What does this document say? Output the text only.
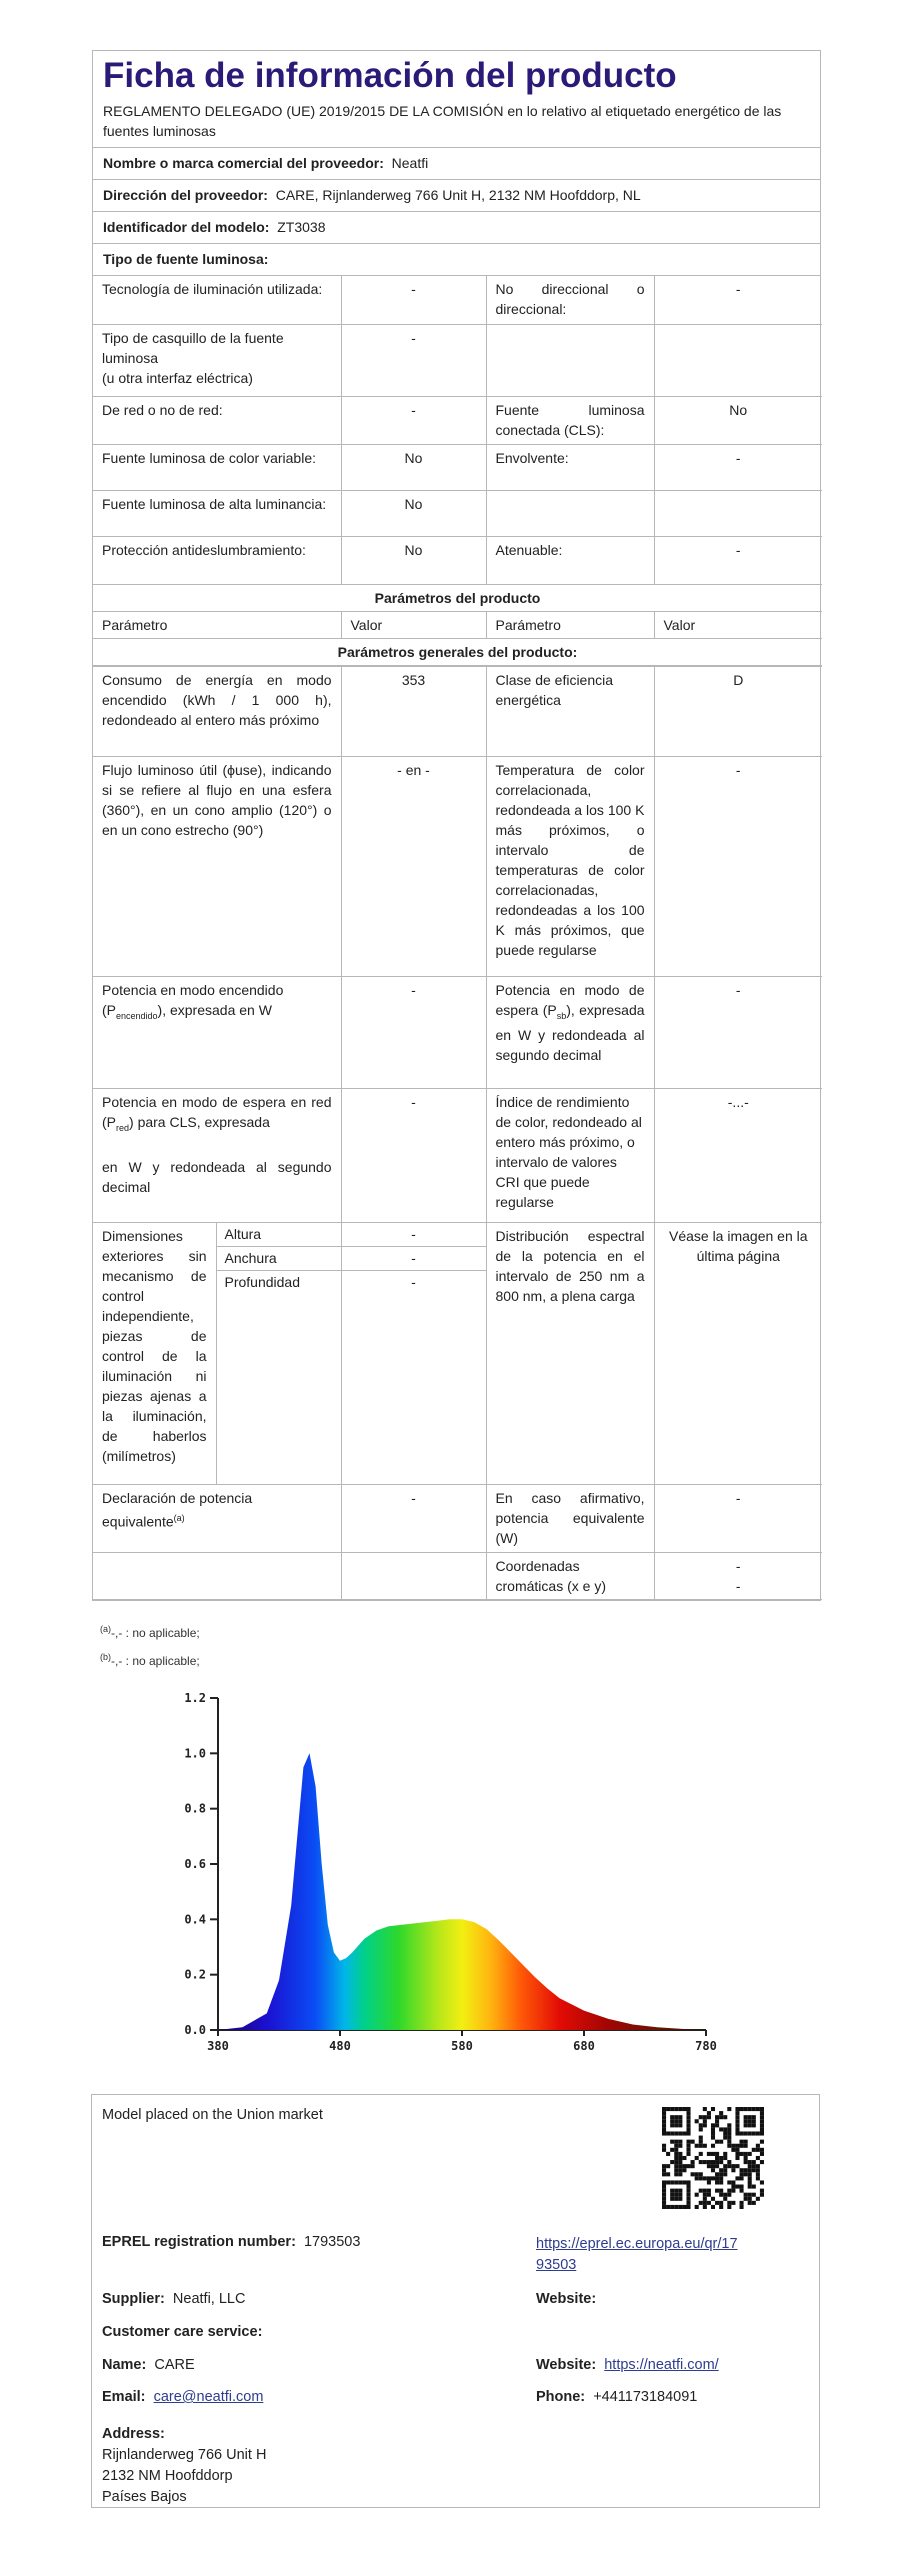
Ficha de información del producto
REGLAMENTO DELEGADO (UE) 2019/2015 DE LA COMISIÓN en lo relativo al etiquetado energético de las fuentes luminosas
Nombre o marca comercial del proveedor: Neatfi
Dirección del proveedor: CARE, Rijnlanderweg 766 Unit H, 2132 NM Hoofddorp, NL
Identificador del modelo: ZT3038
Tipo de fuente luminosa:
Tecnología de iluminación utilizada:	-	No direccional o direccional:	-

Tipo de casquillo de la fuente luminosa
(u otra interfaz eléctrica)	-		
De red o no de red:	-	Fuente luminosa conectada (CLS):	No
Fuente luminosa de color variable:	No	Envolvente:	-
Fuente luminosa de alta luminancia:	No		
Protección antideslumbramiento:	No	Atenuable:	-
Parámetros del producto			
Parámetro	Valor	Parámetro	Valor
Parámetros generales del producto:			
Consumo de energía en modo encendido (kWh / 1 000 h), redondeado al entero más próximo		353	Clase de eficiencia energética	D
Flujo luminoso útil (ϕuse), indicando si se refiere al flujo en una esfera (360°), en un cono amplio (120°) o en un cono estrecho (90°)		- en -	Temperatura de color correlacionada, redondeada a los 100 K más próximos, o intervalo de temperaturas de color correlacionadas, redondeadas a los 100 K más próximos, que puede regularse	-
Potencia en modo encendido $(P_{encendido})$, expresada en W		-	Potencia en modo de espera $(P_{sb})$, expresada en W y redondeada al segundo decimal	-

Potencia en modo de espera en red $(P_{red})$ para CLS, expresada
en W y redondeada al segundo decimal		-	Índice de rendimiento de color, redondeado al entero más próximo, o intervalo de valores CRI que puede regularse	-...-
Dimensiones exteriores sin mecanismo de control independiente, piezas de control de la iluminación ni piezas ajenas a la iluminación, de haberlos (milímetros)	Altura	-	Distribución espectral de la potencia en el intervalo de 250 nm a 800 nm, a plena carga	Véase la imagen en la última página
	Anchura	-		
	Profundidad	-		
Declaración de potencia equivalente$^{(a)}$		-	En caso afirmativo, potencia equivalente (W)	-
			Coordenadas cromáticas (x e y)	-
-
$^{(a)}$-,- : no aplicable;
$^{(b)}$-,- : no aplicable;
0.0
0.2
0.4
0.6
0.8
1.0
1.2
380	480	580	680	780
Model placed on the Union market
EPREL registration number: 1793503	https://eprel.ec.europa.eu/qr/17
93503
Supplier: Neatfi, LLC	Website:
Customer care service:
Name: CARE	Website: https://neatfi.com/
Email: care@neatfi.com	Phone: +441173184091
Address:
Rijnlanderweg 766 Unit H
2132 NM Hoofddorp
Países Bajos
